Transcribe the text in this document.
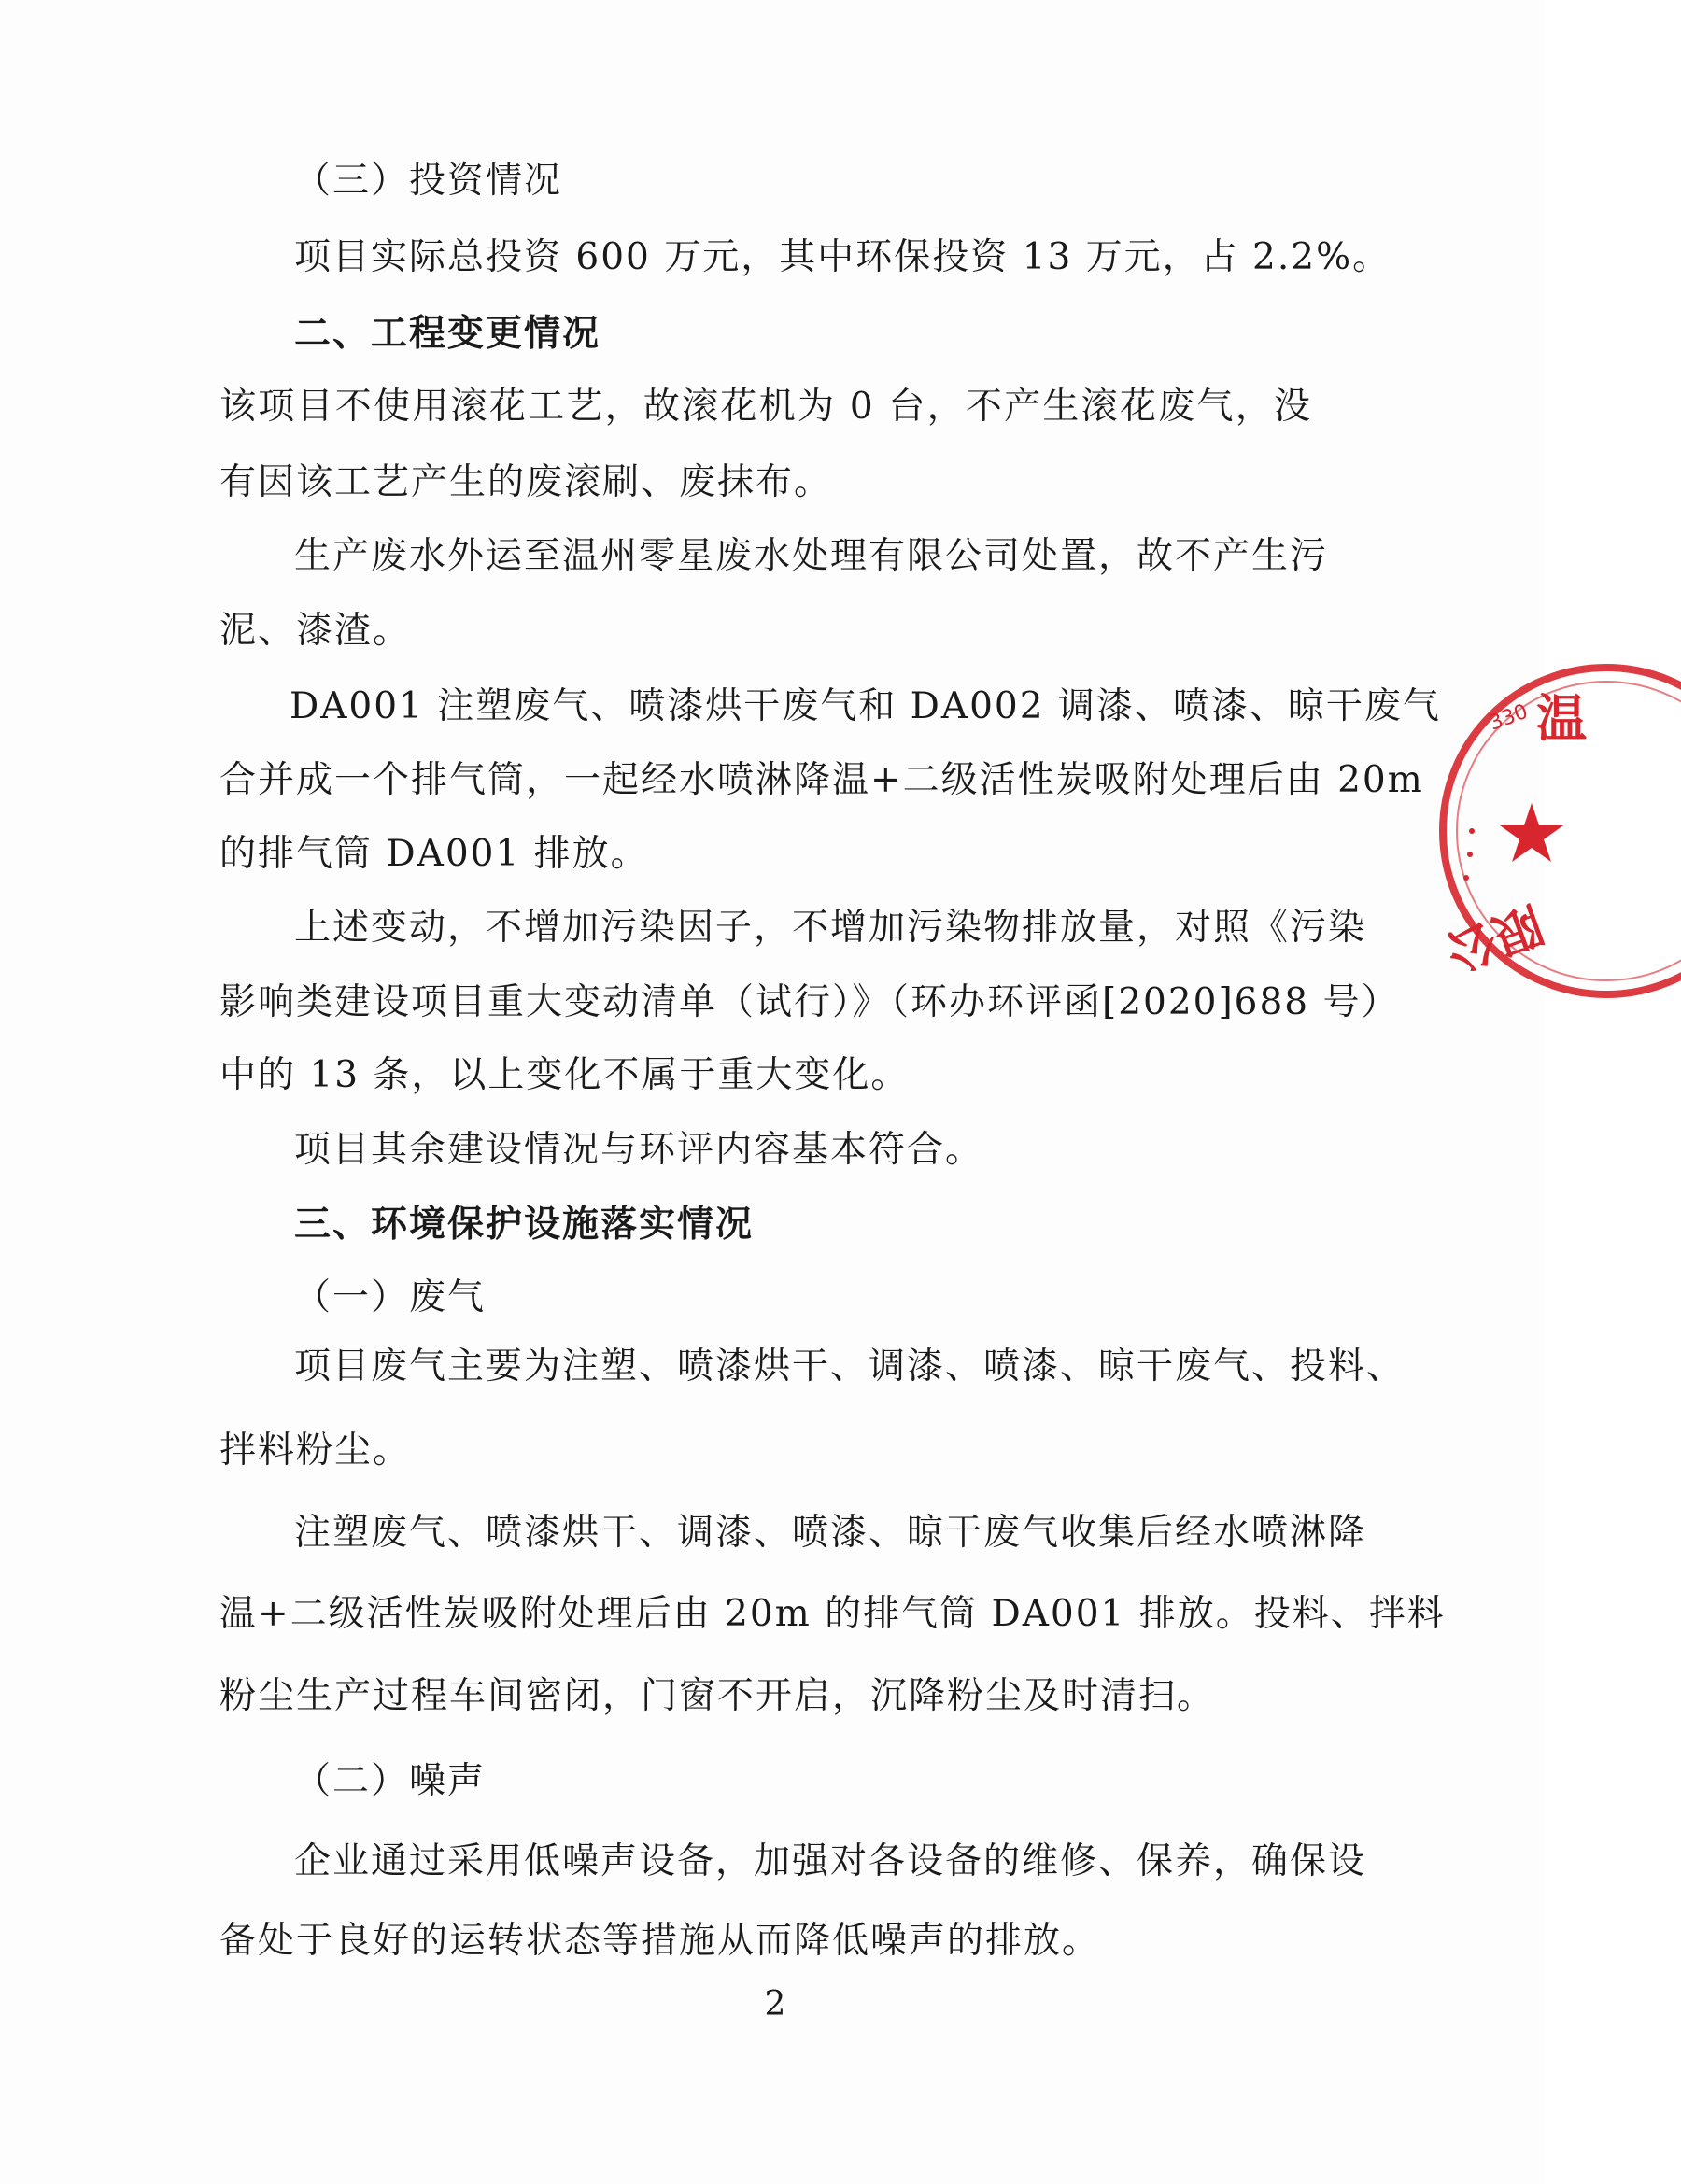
（三）投资情况
项目实际总投资 600 万元，其中环保投资 13 万元，占 2.2%。
二、工程变更情况
该项目不使用滚花工艺，故滚花机为 0 台，不产生滚花废气，没
有因该工艺产生的废滚刷、废抹布。
生产废水外运至温州零星废水处理有限公司处置，故不产生污
泥、漆渣。
DA001 注塑废气、喷漆烘干废气和 DA002 调漆、喷漆、晾干废气
合并成一个排气筒，一起经水喷淋降温+二级活性炭吸附处理后由 20m
的排气筒 DA001 排放。
上述变动，不增加污染因子，不增加污染物排放量，对照《污染
影响类建设项目重大变动清单（试行）》（环办环评函[2020]688 号）
中的 13 条，以上变化不属于重大变化。
项目其余建设情况与环评内容基本符合。
三、环境保护设施落实情况
（一）废气
项目废气主要为注塑、喷漆烘干、调漆、喷漆、晾干废气、投料、
拌料粉尘。
注塑废气、喷漆烘干、调漆、喷漆、晾干废气收集后经水喷淋降
温+二级活性炭吸附处理后由 20m 的排气筒 DA001 排放。投料、拌料
粉尘生产过程车间密闭，门窗不开启，沉降粉尘及时清扫。
（二）噪声
企业通过采用低噪声设备，加强对各设备的维修、保养，确保设
备处于良好的运转状态等措施从而降低噪声的排放。
2
330 温
限公
